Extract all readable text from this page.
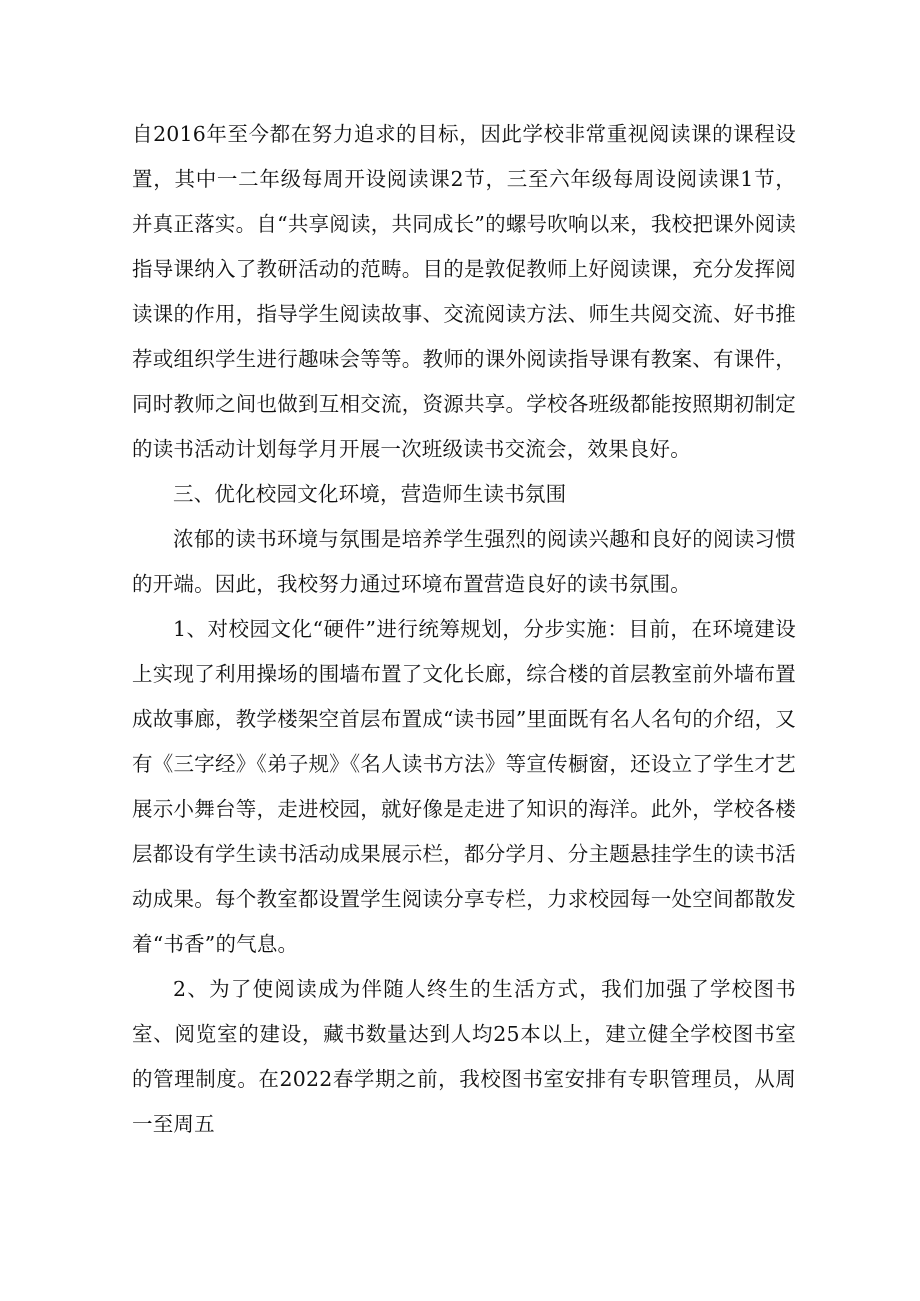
自2016年至今都在努力追求的目标，因此学校非常重视阅读课的课程设置，其中一二年级每周开设阅读课2节，三至六年级每周设阅读课1节，并真正落实。自“共享阅读，共同成长”的螺号吹响以来，我校把课外阅读指导课纳入了教研活动的范畴。目的是敦促教师上好阅读课，充分发挥阅读课的作用，指导学生阅读故事、交流阅读方法、师生共阅交流、好书推荐或组织学生进行趣味会等等。教师的课外阅读指导课有教案、有课件，同时教师之间也做到互相交流，资源共享。学校各班级都能按照期初制定的读书活动计划每学月开展一次班级读书交流会，效果良好。

三、优化校园文化环境，营造师生读书氛围

浓郁的读书环境与氛围是培养学生强烈的阅读兴趣和良好的阅读习惯的开端。因此，我校努力通过环境布置营造良好的读书氛围。

1、对校园文化“硬件”进行统筹规划，分步实施：目前，在环境建设上实现了利用操场的围墙布置了文化长廊，综合楼的首层教室前外墙布置成故事廊，教学楼架空首层布置成“读书园”里面既有名人名句的介绍，又有《三字经》《弟子规》《名人读书方法》等宣传橱窗，还设立了学生才艺展示小舞台等，走进校园，就好像是走进了知识的海洋。此外，学校各楼层都设有学生读书活动成果展示栏，都分学月、分主题悬挂学生的读书活动成果。每个教室都设置学生阅读分享专栏，力求校园每一处空间都散发着“书香”的气息。

2、为了使阅读成为伴随人终生的生活方式，我们加强了学校图书室、阅览室的建设，藏书数量达到人均25本以上，建立健全学校图书室的管理制度。在2022春学期之前，我校图书室安排有专职管理员，从周一至周五
